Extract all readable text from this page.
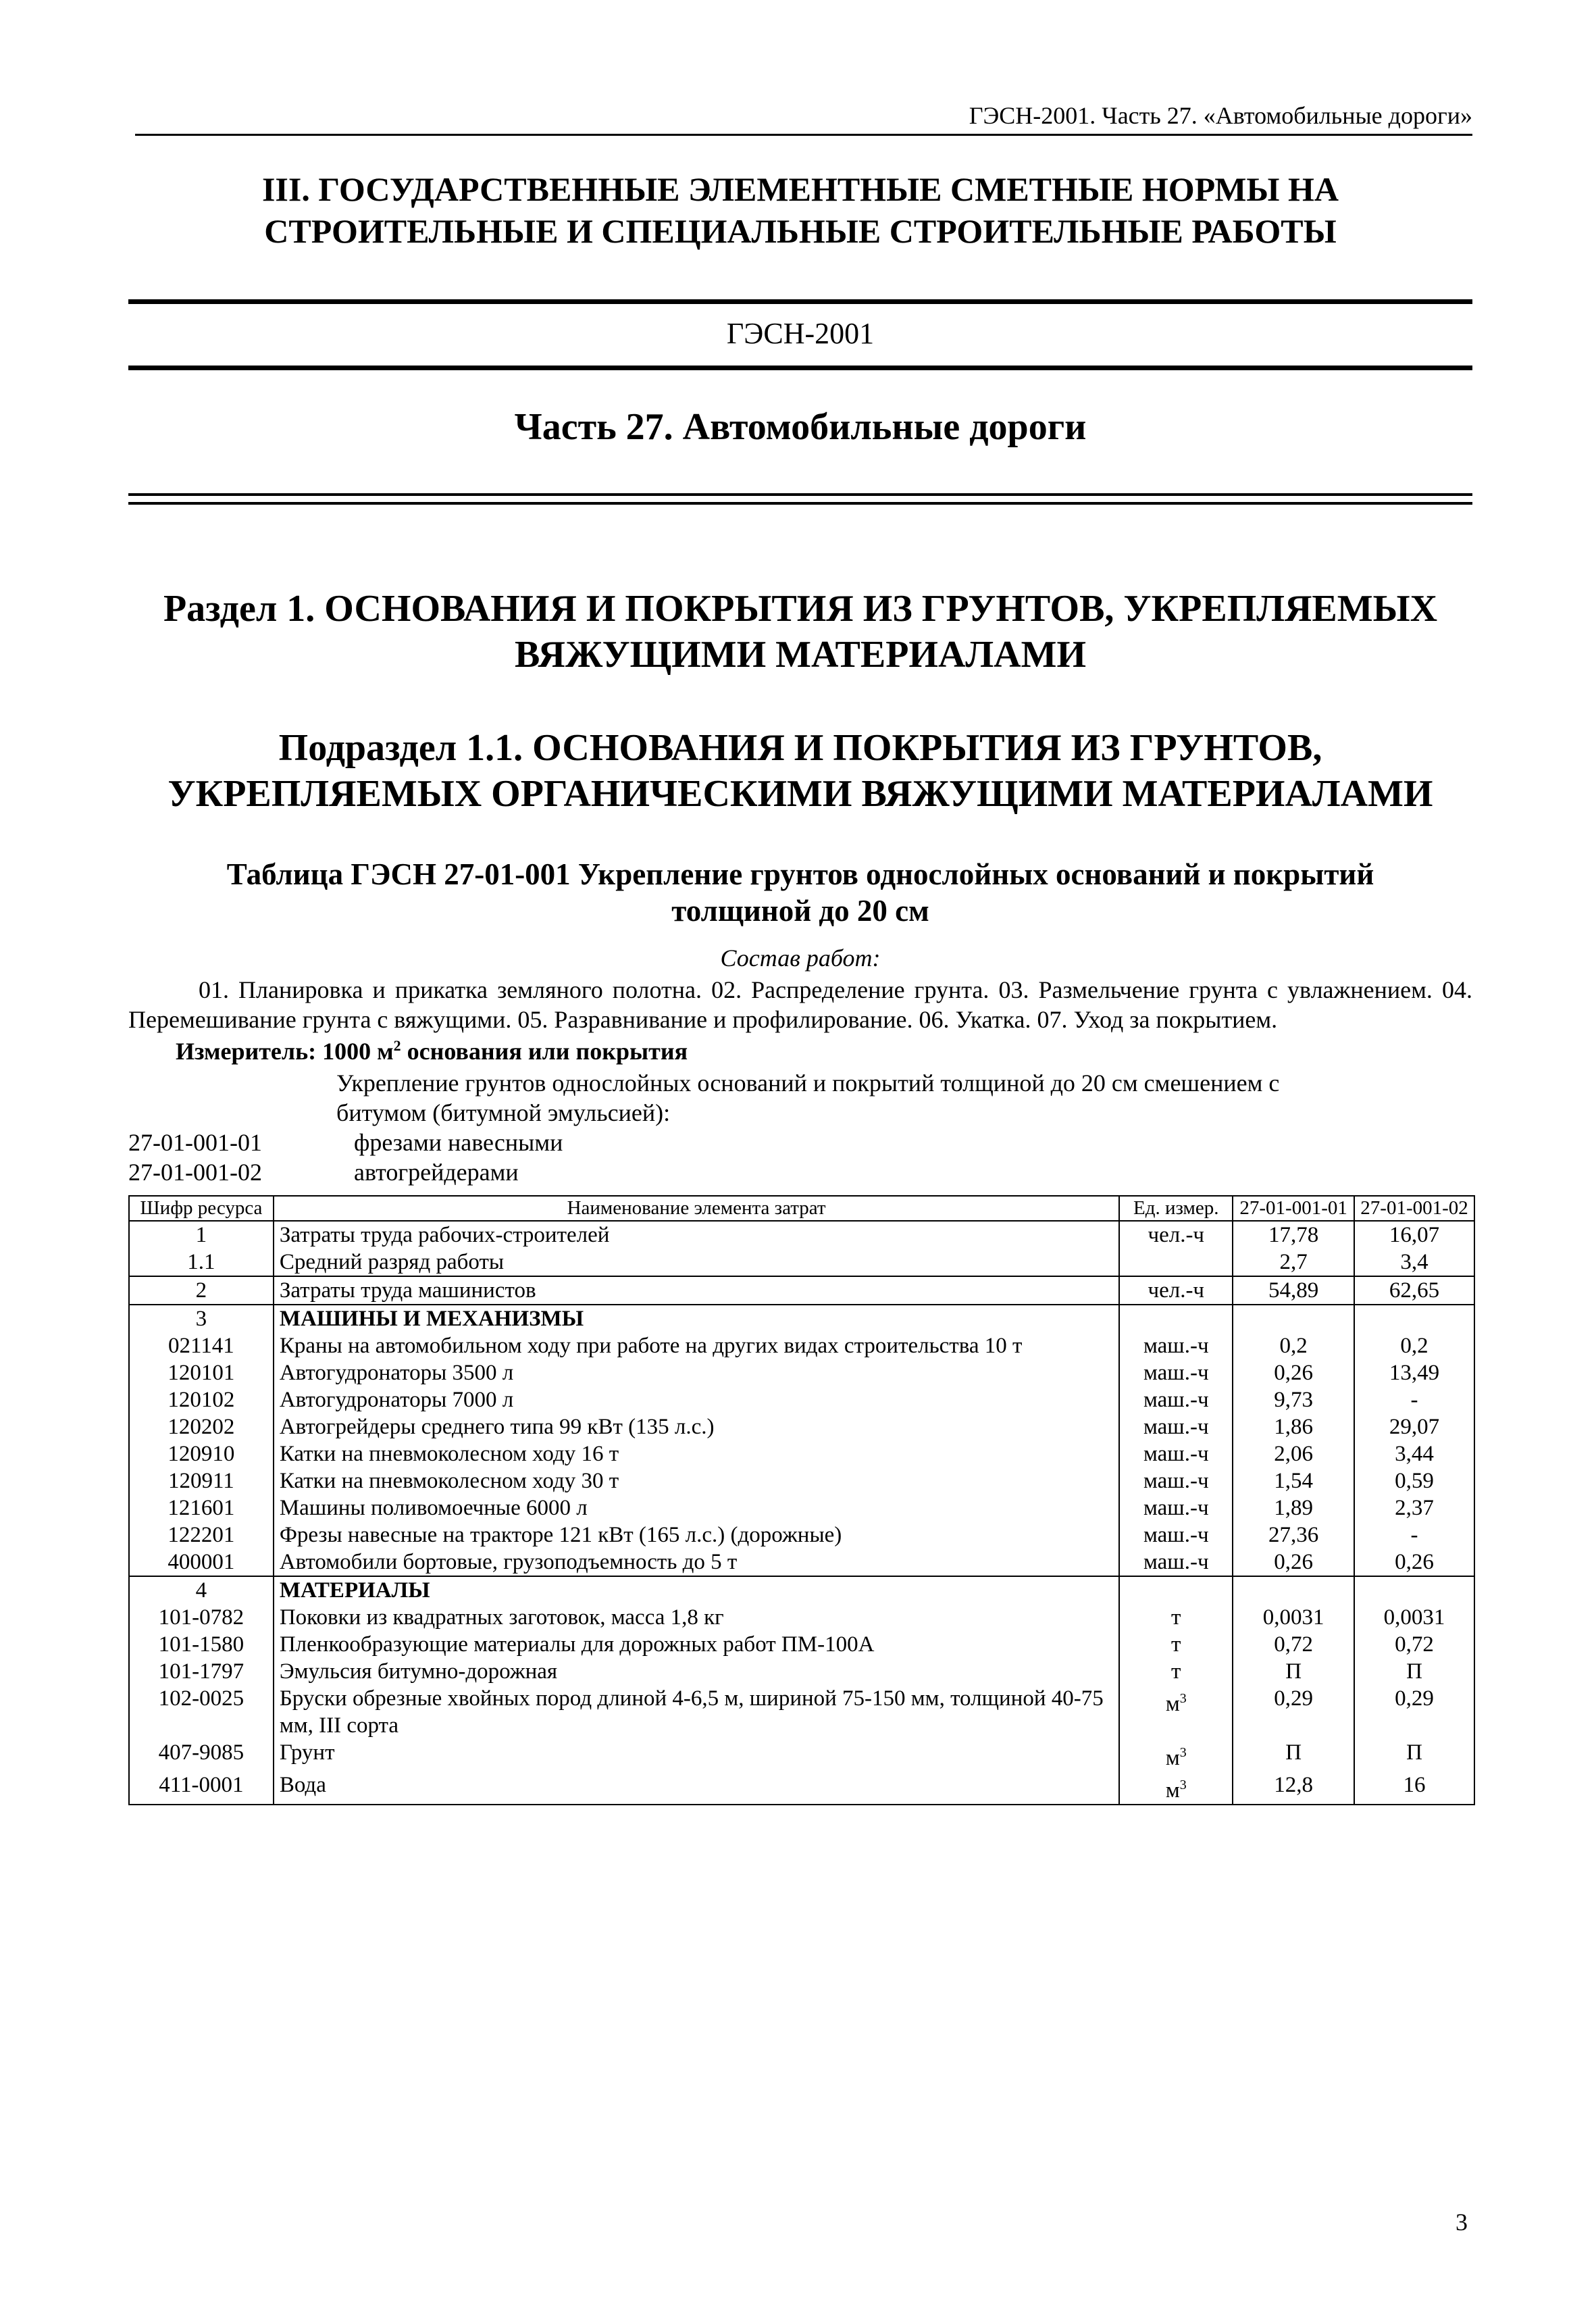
ГЭСН-2001. Часть 27. «Автомобильные дороги»
III. ГОСУДАРСТВЕННЫЕ ЭЛЕМЕНТНЫЕ СМЕТНЫЕ НОРМЫ НА
СТРОИТЕЛЬНЫЕ И СПЕЦИАЛЬНЫЕ СТРОИТЕЛЬНЫЕ РАБОТЫ
ГЭСН-2001
Часть 27. Автомобильные дороги
Раздел 1. ОСНОВАНИЯ И ПОКРЫТИЯ ИЗ ГРУНТОВ, УКРЕПЛЯЕМЫХ
ВЯЖУЩИМИ МАТЕРИАЛАМИ
Подраздел 1.1. ОСНОВАНИЯ И ПОКРЫТИЯ ИЗ ГРУНТОВ,
УКРЕПЛЯЕМЫХ ОРГАНИЧЕСКИМИ ВЯЖУЩИМИ МАТЕРИАЛАМИ
Таблица ГЭСН 27-01-001 Укрепление грунтов однослойных оснований и покрытий
толщиной до 20 см
Состав работ:
01. Планировка и прикатка земляного полотна. 02. Распределение грунта. 03. Размельчение грунта с увлажнением. 04. Перемешивание грунта с вяжущими. 05. Разравнивание и профилирование. 06. Укатка. 07. Уход за покрытием.
Измеритель: 1000 $м^2$ основания или покрытия
Укрепление грунтов однослойных оснований и покрытий толщиной до 20 см смешением с
битумом (битумной эмульсией):
27-01-001-01	фрезами навесными
27-01-001-02	автогрейдерами
Шифр ресурса	Наименование элемента затрат	Ед. измер.	27-01-001-01	27-01-001-02
1	Затраты труда рабочих-строителей	чел.-ч	17,78	16,07
1.1	Средний разряд работы		2,7	3,4
2	Затраты труда машинистов	чел.-ч	54,89	62,65
3	МАШИНЫ И МЕХАНИЗМЫ			
021141	Краны на автомобильном ходу при работе на других видах строительства 10 т	маш.-ч	0,2	0,2
120101	Автогудронаторы 3500 л	маш.-ч	0,26	13,49
120102	Автогудронаторы 7000 л	маш.-ч	9,73	-
120202	Автогрейдеры среднего типа 99 кВт (135 л.с.)	маш.-ч	1,86	29,07
120910	Катки на пневмоколесном ходу 16 т	маш.-ч	2,06	3,44
120911	Катки на пневмоколесном ходу 30 т	маш.-ч	1,54	0,59
121601	Машины поливомоечные 6000 л	маш.-ч	1,89	2,37
122201	Фрезы навесные на тракторе 121 кВт (165 л.с.) (дорожные)	маш.-ч	27,36	-
400001	Автомобили бортовые, грузоподъемность до 5 т	маш.-ч	0,26	0,26
4	МАТЕРИАЛЫ			
101-0782	Поковки из квадратных заготовок, масса 1,8 кг	т	0,0031	0,0031
101-1580	Пленкообразующие материалы для дорожных работ ПМ-100А	т	0,72	0,72
101-1797	Эмульсия битумно-дорожная	т	П	П
102-0025	Бруски обрезные хвойных пород длиной 4-6,5 м, шириной 75-150 мм, толщиной 40-75 мм, III сорта	$м^3$	0,29	0,29
407-9085	Грунт	$м^3$	П	П
411-0001	Вода	$м^3$	12,8	16
3
